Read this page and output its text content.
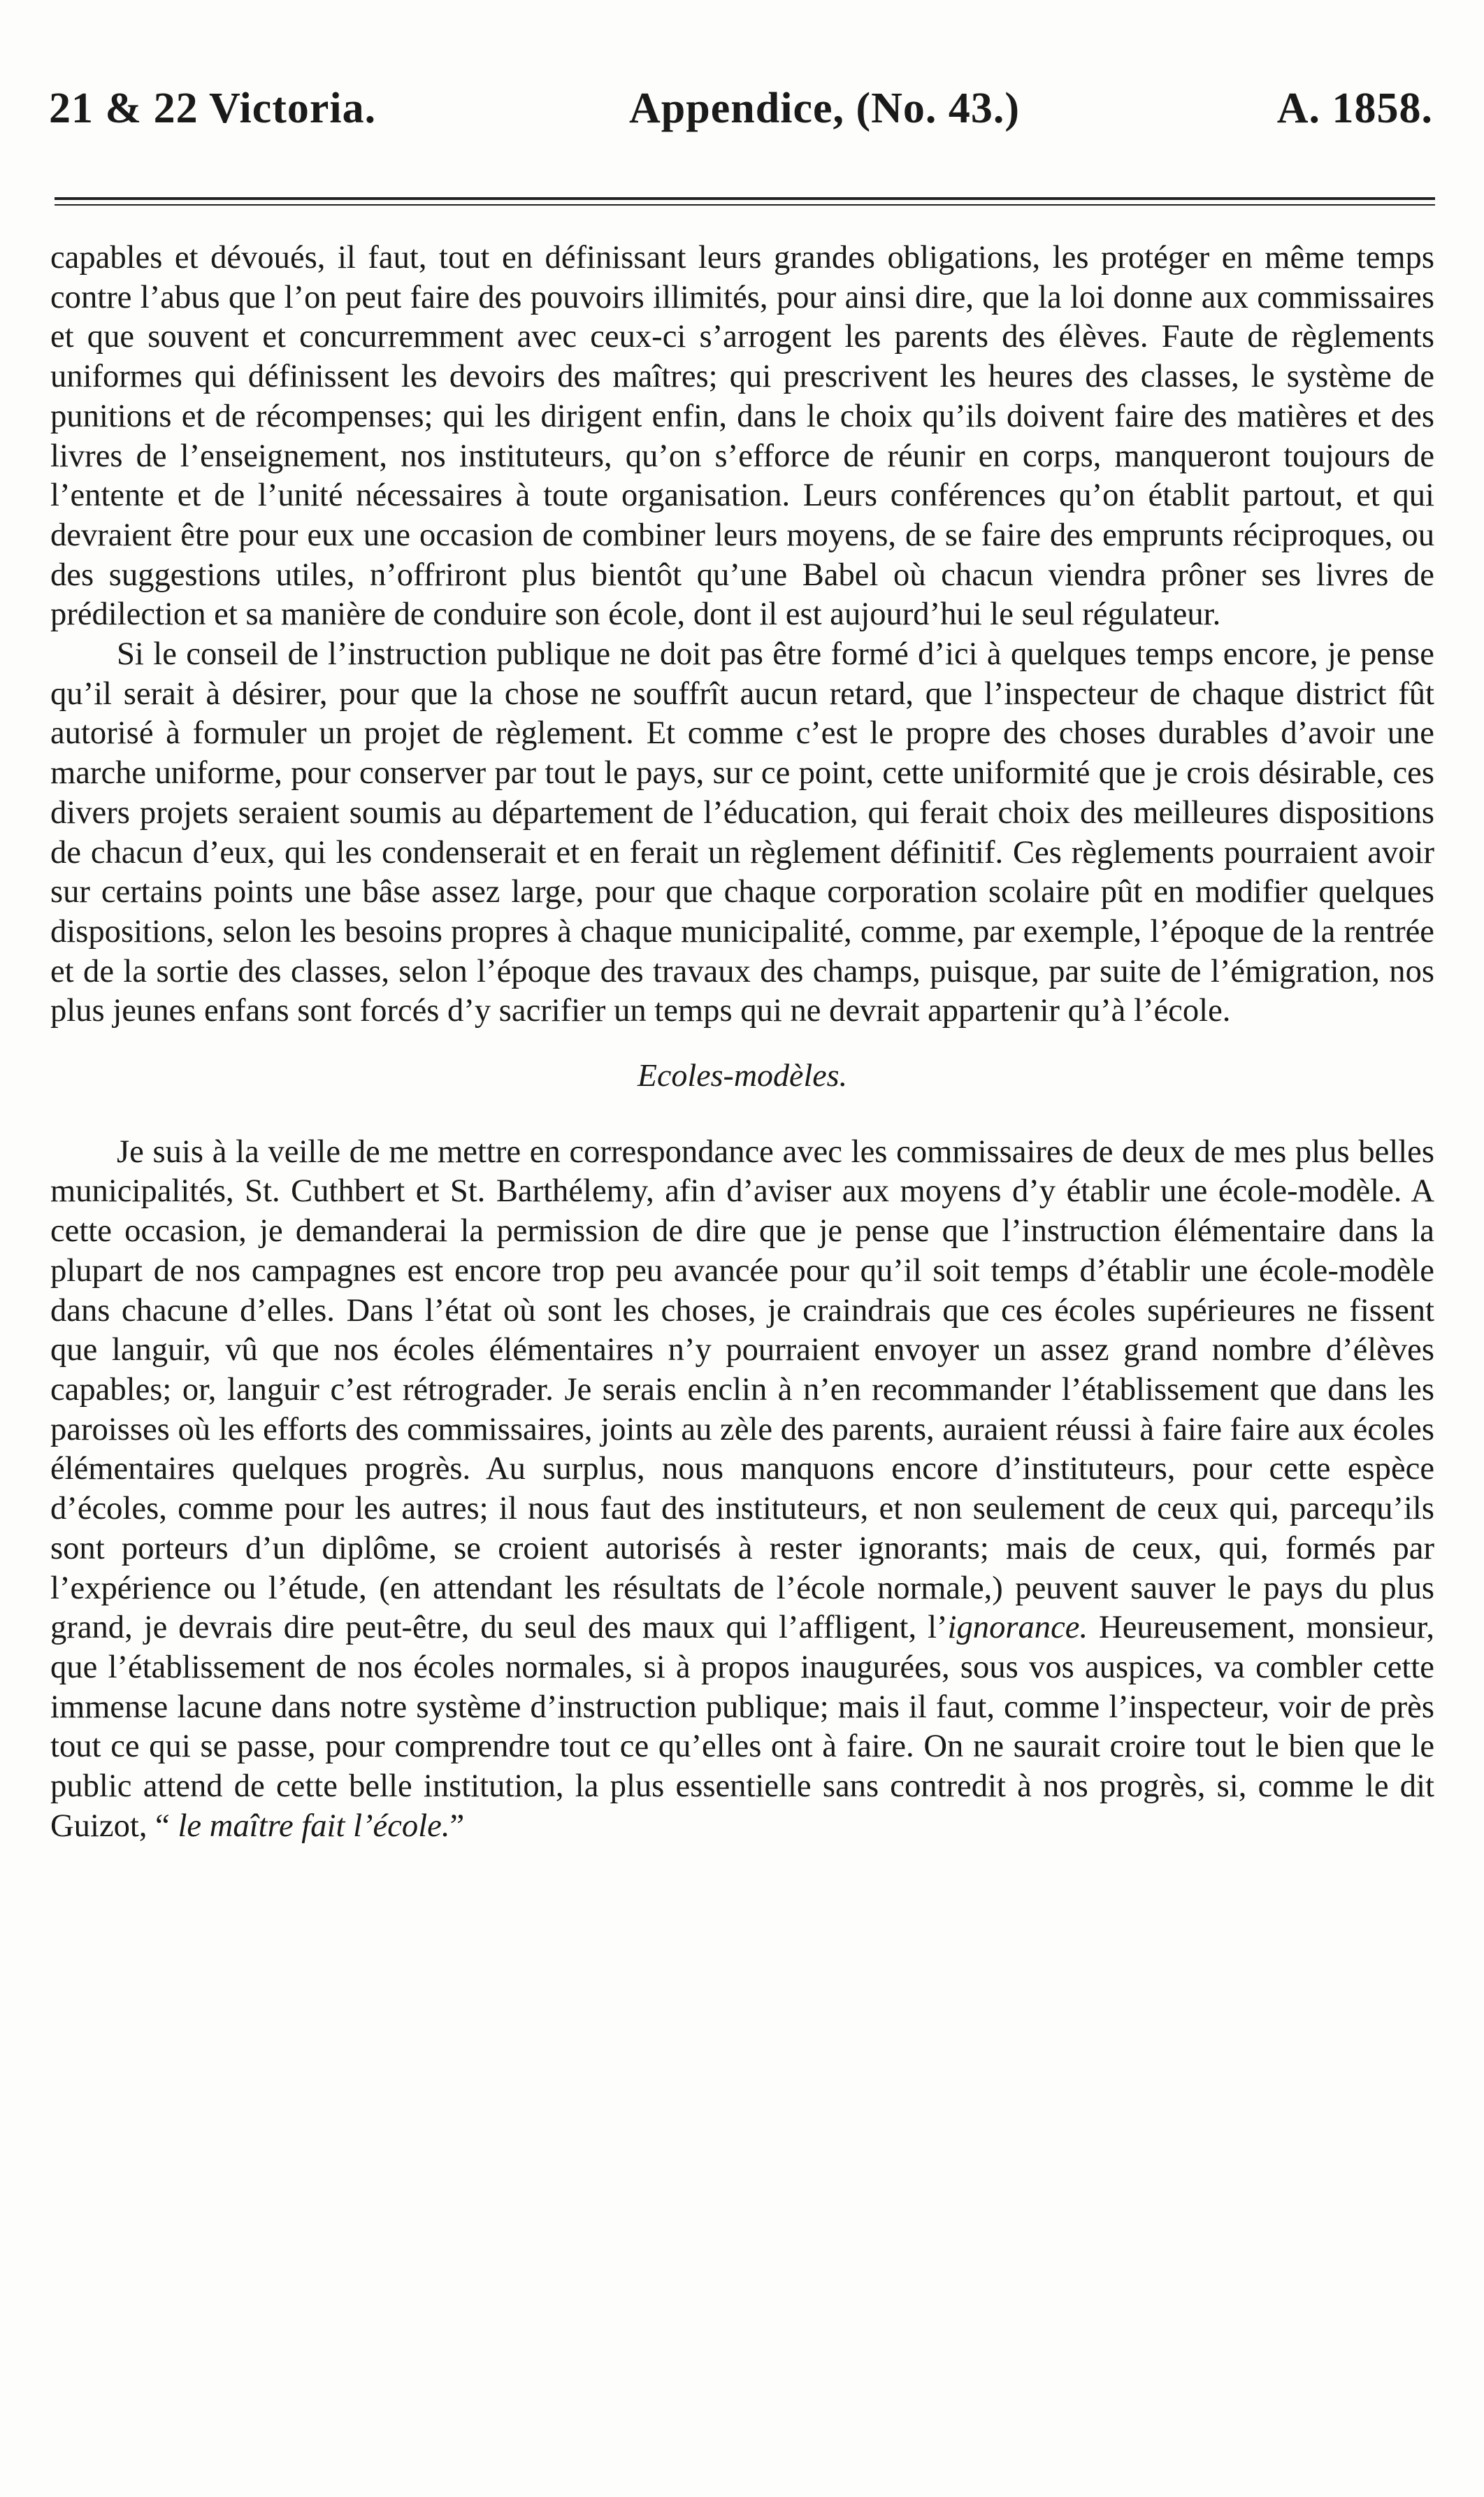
21 & 22 Victoria.	Appendice, (No. 43.)	A. 1858.

capables et dévoués, il faut, tout en définissant leurs grandes obligations, les protéger en même temps contre l’abus que l’on peut faire des pouvoirs illimités, pour ainsi dire, que la loi donne aux commissaires et que souvent et concurremment avec ceux-ci s’arrogent les parents des élèves. Faute de règlements uniformes qui définissent les devoirs des maîtres; qui prescrivent les heures des classes, le système de punitions et de récompenses; qui les dirigent enfin, dans le choix qu’ils doivent faire des matières et des livres de l’enseignement, nos instituteurs, qu’on s’efforce de réunir en corps, manqueront toujours de l’entente et de l’unité nécessaires à toute organisation. Leurs conférences qu’on établit partout, et qui devraient être pour eux une occasion de combiner leurs moyens, de se faire des emprunts réciproques, ou des suggestions utiles, n’offriront plus bientôt qu’une Babel où chacun viendra prôner ses livres de prédilection et sa manière de conduire son école, dont il est aujourd’hui le seul régulateur.

Si le conseil de l’instruction publique ne doit pas être formé d’ici à quelques temps encore, je pense qu’il serait à désirer, pour que la chose ne souffrît aucun retard, que l’inspecteur de chaque district fût autorisé à formuler un projet de règlement. Et comme c’est le propre des choses durables d’avoir une marche uniforme, pour conserver par tout le pays, sur ce point, cette uniformité que je crois désirable, ces divers projets seraient soumis au département de l’éducation, qui ferait choix des meilleures dispositions de chacun d’eux, qui les condenserait et en ferait un règlement définitif. Ces règlements pourraient avoir sur certains points une bâse assez large, pour que chaque corporation scolaire pût en modifier quelques dispositions, selon les besoins propres à chaque municipalité, comme, par exemple, l’époque de la rentrée et de la sortie des classes, selon l’époque des travaux des champs, puisque, par suite de l’émigration, nos plus jeunes enfans sont forcés d’y sacrifier un temps qui ne devrait appartenir qu’à l’école.

Ecoles-modèles.

Je suis à la veille de me mettre en correspondance avec les commissaires de deux de mes plus belles municipalités, St. Cuthbert et St. Barthélemy, afin d’aviser aux moyens d’y établir une école-modèle. A cette occasion, je demanderai la permission de dire que je pense que l’instruction élémentaire dans la plupart de nos campagnes est encore trop peu avancée pour qu’il soit temps d’établir une école-modèle dans chacune d’elles. Dans l’état où sont les choses, je craindrais que ces écoles supérieures ne fissent que languir, vû que nos écoles élémentaires n’y pourraient envoyer un assez grand nombre d’élèves capables; or, languir c’est rétrograder. Je serais enclin à n’en recommander l’établissement que dans les paroisses où les efforts des commissaires, joints au zèle des parents, auraient réussi à faire faire aux écoles élémentaires quelques progrès. Au surplus, nous manquons encore d’instituteurs, pour cette espèce d’écoles, comme pour les autres; il nous faut des instituteurs, et non seulement de ceux qui, parcequ’ils sont porteurs d’un diplôme, se croient autorisés à rester ignorants; mais de ceux, qui, formés par l’expérience ou l’étude, (en attendant les résultats de l’école normale,) peuvent sauver le pays du plus grand, je devrais dire peut-être, du seul des maux qui l’affligent, l’ignorance. Heureusement, monsieur, que l’établissement de nos écoles normales, si à propos inaugurées, sous vos auspices, va combler cette immense lacune dans notre système d’instruction publique; mais il faut, comme l’inspecteur, voir de près tout ce qui se passe, pour comprendre tout ce qu’elles ont à faire. On ne saurait croire tout le bien que le public attend de cette belle institution, la plus essentielle sans contredit à nos progrès, si, comme le dit Guizot, “ le maître fait l’école.”
